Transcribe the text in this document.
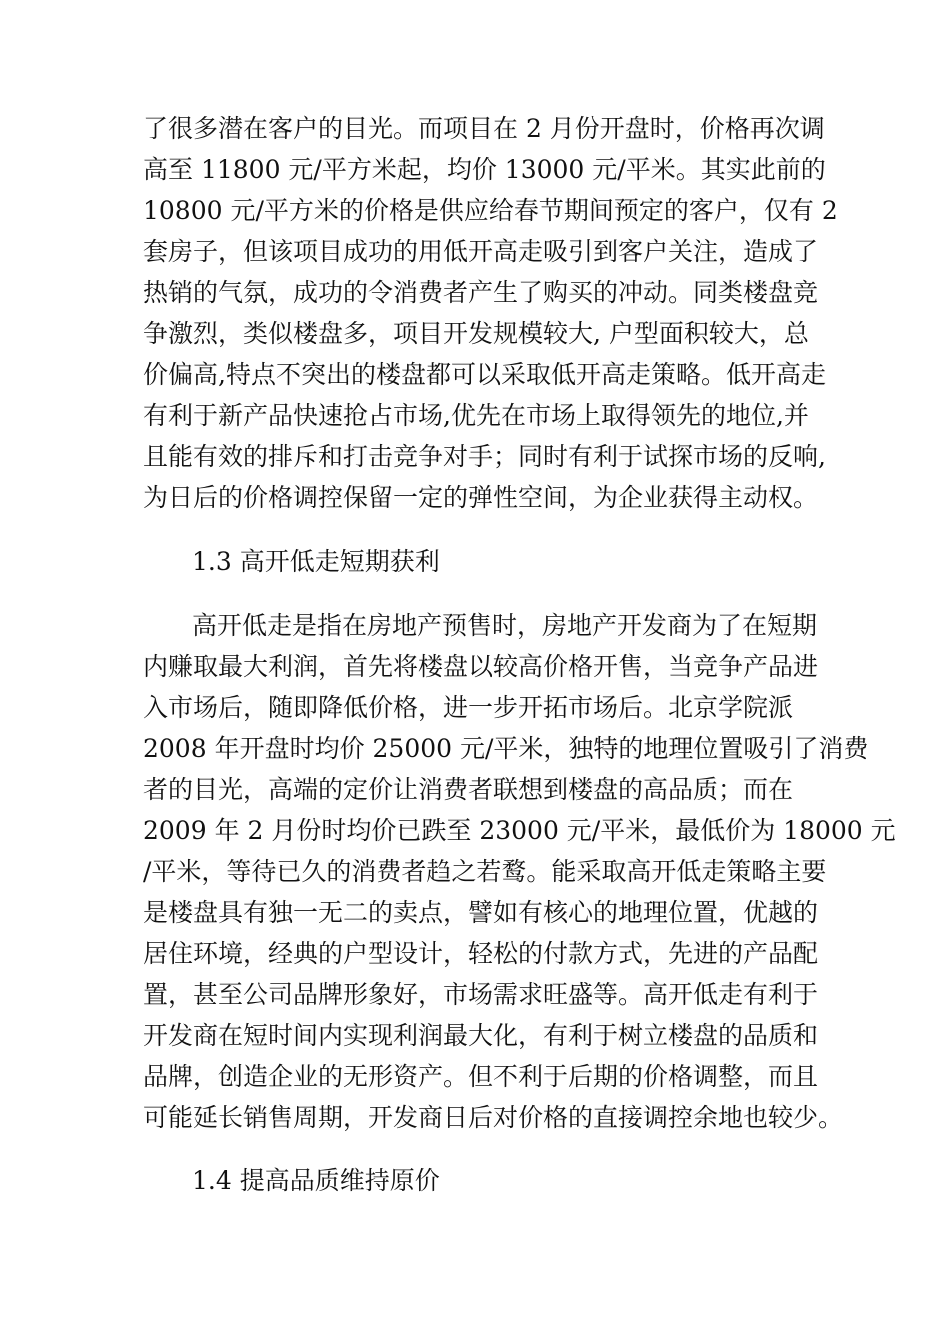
了很多潜在客户的目光。而项目在 2 月份开盘时，价格再次调
高至 11800 元/平方米起，均价 13000 元/平米。其实此前的
10800 元/平方米的价格是供应给春节期间预定的客户，仅有 2
套房子，但该项目成功的用低开高走吸引到客户关注，造成了
热销的气氛，成功的令消费者产生了购买的冲动。同类楼盘竞
争激烈，类似楼盘多，项目开发规模较大, 户型面积较大，总
价偏高,特点不突出的楼盘都可以采取低开高走策略。低开高走
有利于新产品快速抢占市场,优先在市场上取得领先的地位,并
且能有效的排斥和打击竞争对手；同时有利于试探市场的反响,
为日后的价格调控保留一定的弹性空间，为企业获得主动权。
1.3 高开低走短期获利
高开低走是指在房地产预售时，房地产开发商为了在短期
内赚取最大利润，首先将楼盘以较高价格开售，当竞争产品进
入市场后，随即降低价格，进一步开拓市场后。北京学院派
2008 年开盘时均价 25000 元/平米，独特的地理位置吸引了消费
者的目光，高端的定价让消费者联想到楼盘的高品质；而在
2009 年 2 月份时均价已跌至 23000 元/平米，最低价为 18000 元
/平米，等待已久的消费者趋之若鹜。能采取高开低走策略主要
是楼盘具有独一无二的卖点，譬如有核心的地理位置，优越的
居住环境，经典的户型设计，轻松的付款方式，先进的产品配
置，甚至公司品牌形象好，市场需求旺盛等。高开低走有利于
开发商在短时间内实现利润最大化，有利于树立楼盘的品质和
品牌，创造企业的无形资产。但不利于后期的价格调整，而且
可能延长销售周期，开发商日后对价格的直接调控余地也较少。
1.4 提高品质维持原价
